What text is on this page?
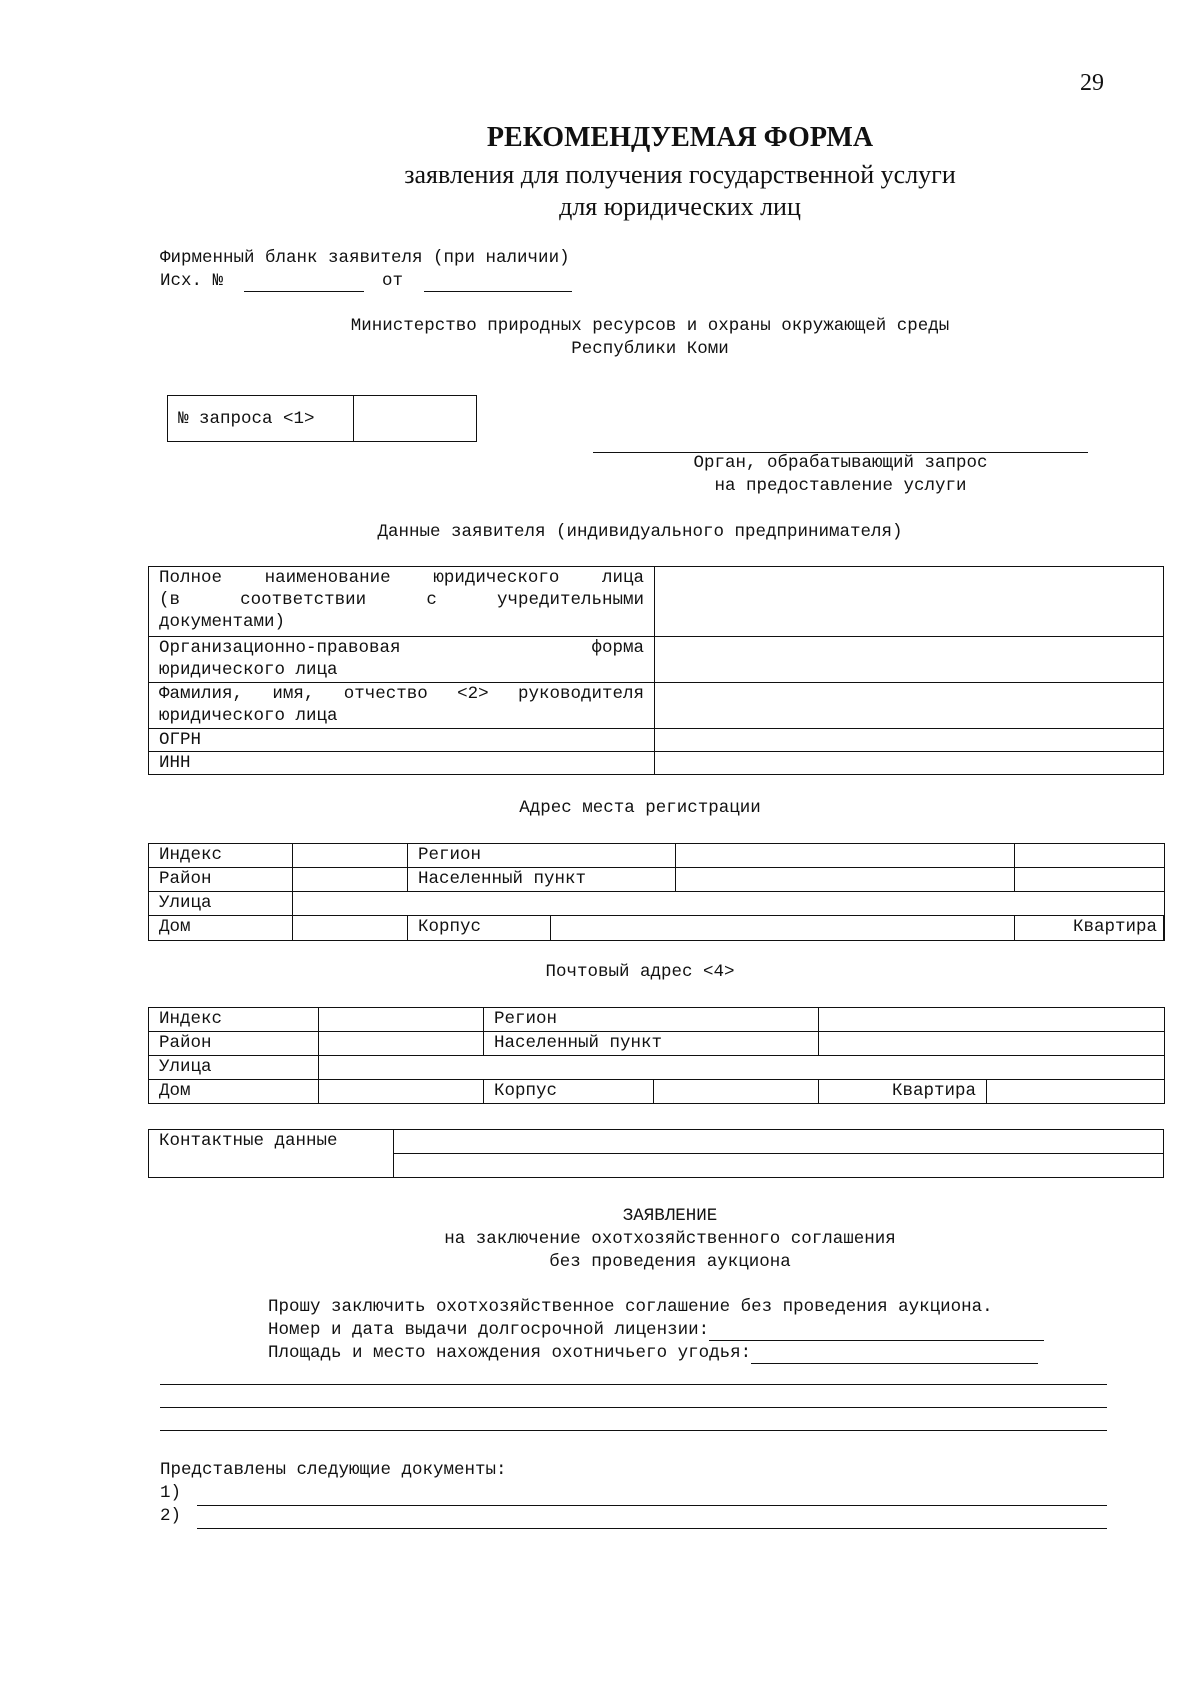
29
РЕКОМЕНДУЕМАЯ ФОРМА
заявления для получения государственной услуги
для юридических лиц
Фирменный бланк заявителя (при наличии)
Исх. №	от
Министерство природных ресурсов и охраны окружающей среды
Республики Коми
№ запроса <1>	
Орган, обрабатывающий запрос
на предоставление услуги
Данные заявителя (индивидуального предпринимателя)
Полное наименование юридического лица
(в соответствии с учредительными
документами)	

Организационно-правовая форма
юридического лица	

Фамилия, имя, отчество <2> руководителя
юридического лица	

ОГРН	
ИНН	
Адрес места регистрации
Индекс		Регион			
Район		Населенный пункт			
Улица					
Дом		Корпус			Квартира
Почтовый адрес <4>
Индекс		Регион			
Район		Населенный пункт			
Улица					
Дом		Корпус		Квартира	
Контактные данные	

ЗАЯВЛЕНИЕ
на заключение охотхозяйственного соглашения
без проведения аукциона
Прошу заключить охотхозяйственное соглашение без проведения аукциона.
Номер и дата выдачи долгосрочной лицензии:
Площадь и место нахождения охотничьего угодья:
Представлены следующие документы:
1)
2)
